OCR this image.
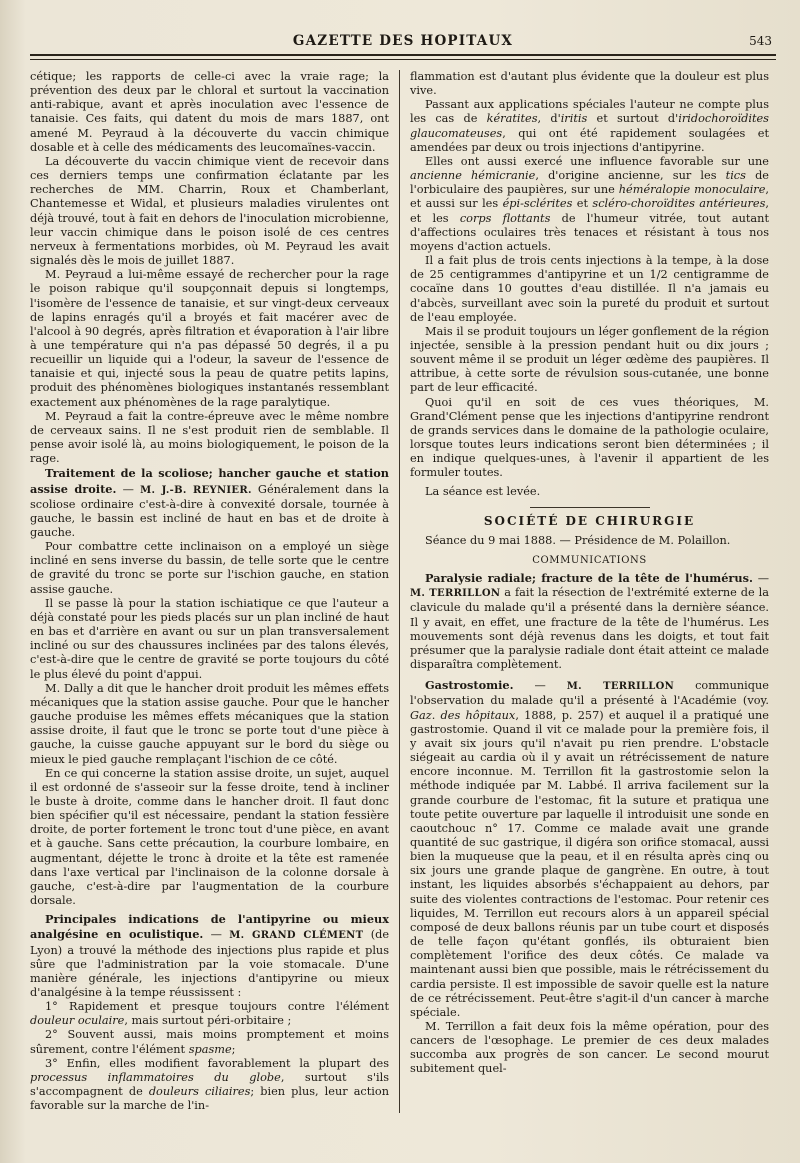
GAZETTE DES HOPITAUX	543

cétique; les rapports de celle-ci avec la vraie rage; la prévention des deux par le chloral et surtout la vaccination anti-rabique, avant et après inoculation avec l'essence de tanaisie. Ces faits, qui datent du mois de mars 1887, ont amené M. Peyraud à la découverte du vaccin chimique dosable et à celle des médicaments des leucomaïnes-vaccin.

La découverte du vaccin chimique vient de recevoir dans ces derniers temps une confirmation éclatante par les recherches de MM. Charrin, Roux et Chamberlant, Chantemesse et Widal, et plusieurs maladies virulentes ont déjà trouvé, tout à fait en dehors de l'inoculation microbienne, leur vaccin chimique dans le poison isolé de ces centres nerveux à fermentations morbides, où M. Peyraud les avait signalés dès le mois de juillet 1887.

M. Peyraud a lui-même essayé de rechercher pour la rage le poison rabique qu'il soupçonnait depuis si longtemps, l'isomère de l'essence de tanaisie, et sur vingt-deux cerveaux de lapins enragés qu'il a broyés et fait macérer avec de l'alcool à 90 degrés, après filtration et évaporation à l'air libre à une température qui n'a pas dépassé 50 degrés, il a pu recueillir un liquide qui a l'odeur, la saveur de l'essence de tanaisie et qui, injecté sous la peau de quatre petits lapins, produit des phénomènes biologiques instantanés ressemblant exactement aux phénomènes de la rage paralytique.

M. Peyraud a fait la contre-épreuve avec le même nombre de cerveaux sains. Il ne s'est produit rien de semblable. Il pense avoir isolé là, au moins biologiquement, le poison de la rage.

Traitement de la scoliose; hancher gauche et station assise droite. — M. J.-B. REYNIER. Généralement dans la scoliose ordinaire c'est-à-dire à convexité dorsale, tournée à gauche, le bassin est incliné de haut en bas et de droite à gauche.

Pour combattre cette inclinaison on a employé un siège incliné en sens inverse du bassin, de telle sorte que le centre de gravité du tronc se porte sur l'ischion gauche, en station assise gauche.

Il se passe là pour la station ischiatique ce que l'auteur a déjà constaté pour les pieds placés sur un plan incliné de haut en bas et d'arrière en avant ou sur un plan transversalement incliné ou sur des chaussures inclinées par des talons élevés, c'est-à-dire que le centre de gravité se porte toujours du côté le plus élevé du point d'appui.

M. Dally a dit que le hancher droit produit les mêmes effets mécaniques que la station assise gauche. Pour que le hancher gauche produise les mêmes effets mécaniques que la station assise droite, il faut que le tronc se porte tout d'une pièce à gauche, la cuisse gauche appuyant sur le bord du siège ou mieux le pied gauche remplaçant l'ischion de ce côté.

En ce qui concerne la station assise droite, un sujet, auquel il est ordonné de s'asseoir sur la fesse droite, tend à incliner le buste à droite, comme dans le hancher droit. Il faut donc bien spécifier qu'il est nécessaire, pendant la station fessière droite, de porter fortement le tronc tout d'une pièce, en avant et à gauche. Sans cette précaution, la courbure lombaire, en augmentant, déjette le tronc à droite et la tête est ramenée dans l'axe vertical par l'inclinaison de la colonne dorsale à gauche, c'est-à-dire par l'augmentation de la courbure dorsale.

Principales indications de l'antipyrine ou mieux analgésine en oculistique. — M. GRAND CLÉMENT (de Lyon) a trouvé la méthode des injections plus rapide et plus sûre que l'administration par la voie stomacale. D'une manière générale, les injections d'antipyrine ou mieux d'analgésine à la tempe réussissent :

1° Rapidement et presque toujours contre l'élément douleur oculaire, mais surtout péri-orbitaire ;

2° Souvent aussi, mais moins promptement et moins sûrement, contre l'élément spasme;

3° Enfin, elles modifient favorablement la plupart des processus inflammatoires du globe, surtout s'ils s'accompagnent de douleurs ciliaires; bien plus, leur action favorable sur la marche de l'in-

flammation est d'autant plus évidente que la douleur est plus vive.

Passant aux applications spéciales l'auteur ne compte plus les cas de kératites, d'iritis et surtout d'iridochoroïdites glaucomateuses, qui ont été rapidement soulagées et amendées par deux ou trois injections d'antipyrine.

Elles ont aussi exercé une influence favorable sur une ancienne hémicranie, d'origine ancienne, sur les tics de l'orbiculaire des paupières, sur une héméralopie monoculaire, et aussi sur les épi-sclérites et scléro-choroïdites antérieures, et les corps flottants de l'humeur vitrée, tout autant d'affections oculaires très tenaces et résistant à tous nos moyens d'action actuels.

Il a fait plus de trois cents injections à la tempe, à la dose de 25 centigrammes d'antipyrine et un 1/2 centigramme de cocaïne dans 10 gouttes d'eau distillée. Il n'a jamais eu d'abcès, surveillant avec soin la pureté du produit et surtout de l'eau employée.

Mais il se produit toujours un léger gonflement de la région injectée, sensible à la pression pendant huit ou dix jours ; souvent même il se produit un léger œdème des paupières. Il attribue, à cette sorte de révulsion sous-cutanée, une bonne part de leur efficacité.

Quoi qu'il en soit de ces vues théoriques, M. Grand'Clément pense que les injections d'antipyrine rendront de grands services dans le domaine de la pathologie oculaire, lorsque toutes leurs indications seront bien déterminées ; il en indique quelques-unes, à l'avenir il appartient de les formuler toutes.

La séance est levée.

SOCIÉTÉ DE CHIRURGIE

Séance du 9 mai 1888. — Présidence de M. Polaillon.

COMMUNICATIONS

Paralysie radiale; fracture de la tête de l'humérus. — M. TERRILLON a fait la résection de l'extrémité externe de la clavicule du malade qu'il a présenté dans la dernière séance. Il y avait, en effet, une fracture de la tête de l'humérus. Les mouvements sont déjà revenus dans les doigts, et tout fait présumer que la paralysie radiale dont était atteint ce malade disparaîtra complètement.

Gastrostomie. — M. TERRILLON communique l'observation du malade qu'il a présenté à l'Académie (voy. Gaz. des hôpitaux, 1888, p. 257) et auquel il a pratiqué une gastrostomie. Quand il vit ce malade pour la première fois, il y avait six jours qu'il n'avait pu rien prendre. L'obstacle siégeait au cardia où il y avait un rétrécissement de nature encore inconnue. M. Terrillon fit la gastrostomie selon la méthode indiquée par M. Labbé. Il arriva facilement sur la grande courbure de l'estomac, fit la suture et pratiqua une toute petite ouverture par laquelle il introduisit une sonde en caoutchouc n° 17. Comme ce malade avait une grande quantité de suc gastrique, il digéra son orifice stomacal, aussi bien la muqueuse que la peau, et il en résulta après cinq ou six jours une grande plaque de gangrène. En outre, à tout instant, les liquides absorbés s'échappaient au dehors, par suite des violentes contractions de l'estomac. Pour retenir ces liquides, M. Terrillon eut recours alors à un appareil spécial composé de deux ballons réunis par un tube court et disposés de telle façon qu'étant gonflés, ils obturaient bien complètement l'orifice des deux côtés. Ce malade va maintenant aussi bien que possible, mais le rétrécissement du cardia persiste. Il est impossible de savoir quelle est la nature de ce rétrécissement. Peut-être s'agit-il d'un cancer à marche spéciale.

M. Terrillon a fait deux fois la même opération, pour des cancers de l'œsophage. Le premier de ces deux malades succomba aux progrès de son cancer. Le second mourut subitement quel-
